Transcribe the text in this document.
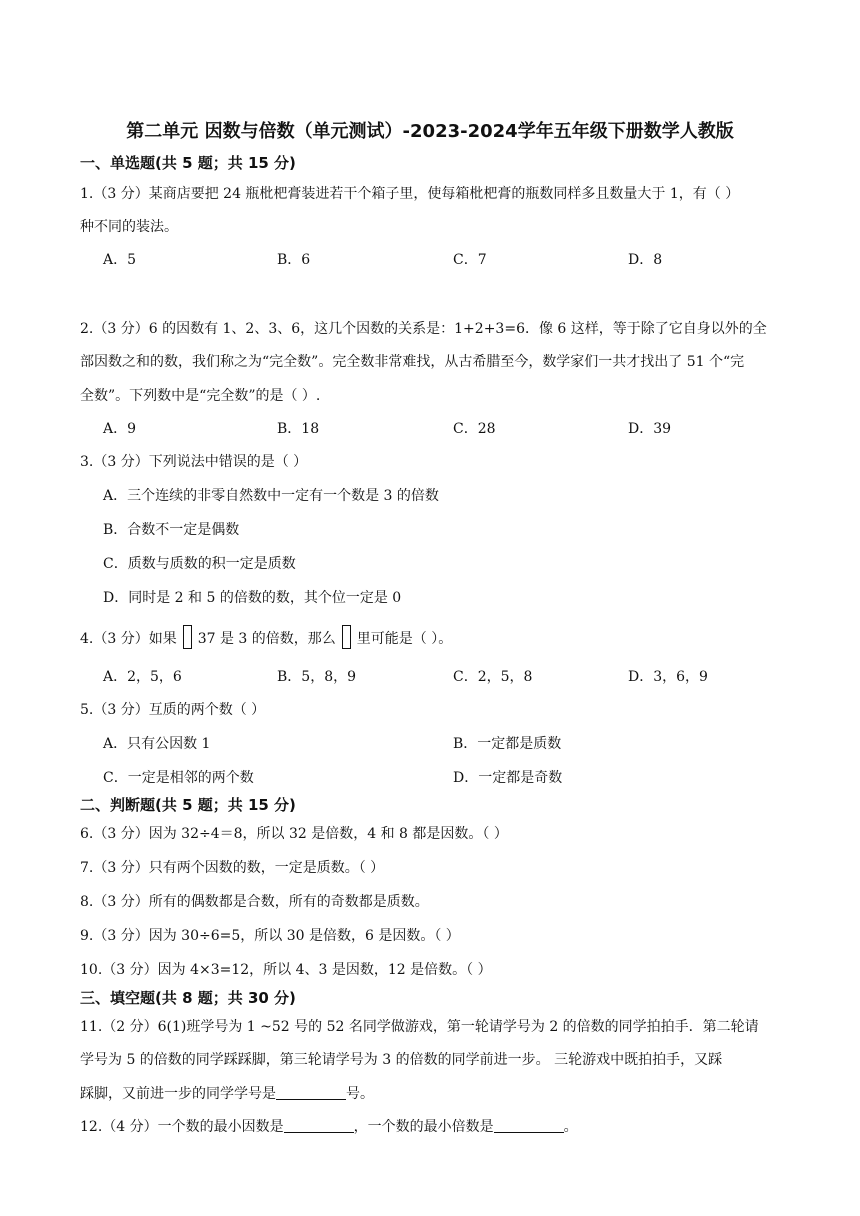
第二单元 因数与倍数（单元测试）-2023-2024学年五年级下册数学人教版
一、单选题(共 5 题；共 15 分)
1.（3 分）某商店要把 24 瓶枇杷膏装进若干个箱子里，使每箱枇杷膏的瓶数同样多且数量大于 1，有（ ）
种不同的装法。
A．5	B．6	C．7	D．8
2.（3 分）6 的因数有 1、2、3、6，这几个因数的关系是：1+2+3=6．像 6 这样，等于除了它自身以外的全
部因数之和的数，我们称之为“完全数”。完全数非常难找，从古希腊至今，数学家们一共才找出了 51 个“完
全数”。下列数中是“完全数”的是（ ）.
A．9	B．18	C．28	D．39
3.（3 分）下列说法中错误的是（ ）
A．三个连续的非零自然数中一定有一个数是 3 的倍数
B．合数不一定是偶数
C．质数与质数的积一定是质数
D．同时是 2 和 5 的倍数的数，其个位一定是 0
4.（3 分）如果 37 是 3 的倍数，那么 里可能是（ ）。
A．2，5，6	B．5，8，9	C．2，5，8	D．3，6，9
5.（3 分）互质的两个数（ ）
A．只有公因数 1	B．一定都是质数
C．一定是相邻的两个数	D．一定都是奇数
二、判断题(共 5 题；共 15 分)
6.（3 分）因为 32÷4＝8，所以 32 是倍数，4 和 8 都是因数。（ ）
7.（3 分）只有两个因数的数，一定是质数。（ ）
8.（3 分）所有的偶数都是合数，所有的奇数都是质数。
9.（3 分）因为 30÷6=5，所以 30 是倍数，6 是因数。（ ）
10.（3 分）因为 4×3=12，所以 4、3 是因数，12 是倍数。（ ）
三、填空题(共 8 题；共 30 分)
11.（2 分）6(1)班学号为 1 ~52 号的 52 名同学做游戏，第一轮请学号为 2 的倍数的同学拍拍手．第二轮请
学号为 5 的倍数的同学踩踩脚，第三轮请学号为 3 的倍数的同学前进一步。 三轮游戏中既拍拍手，又踩
踩脚，又前进一步的同学学号是	号。
12.（4 分）一个数的最小因数是	，一个数的最小倍数是	。
